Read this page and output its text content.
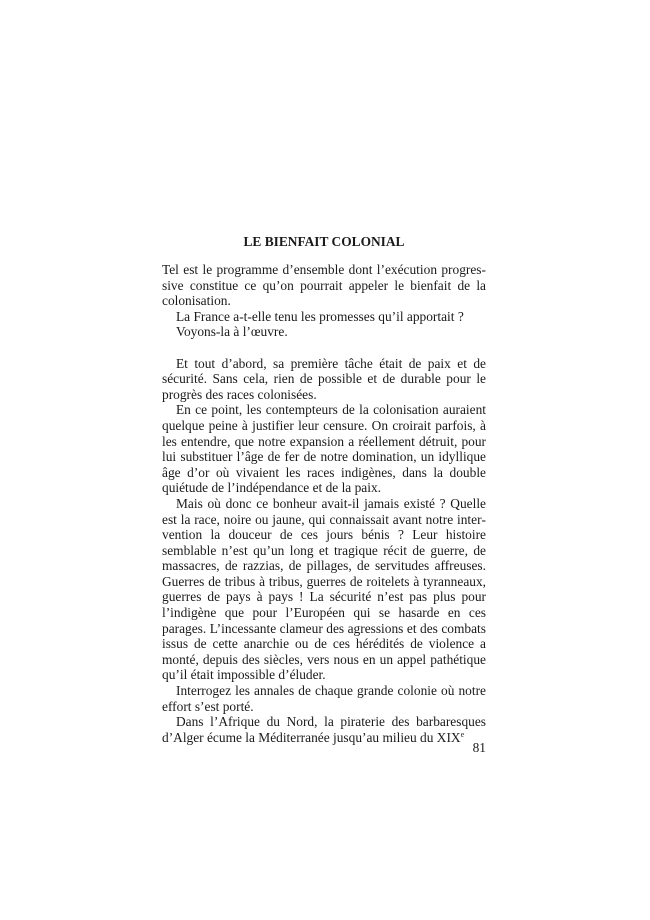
LE BIENFAIT COLONIAL

Tel est le programme d’ensemble dont l’exécution progressive constitue ce qu’on pourrait appeler le bienfait de la colonisation.

La France a-t-elle tenu les promesses qu’il apportait ?

Voyons-la à l’œuvre.

Et tout d’abord, sa première tâche était de paix et de sécurité. Sans cela, rien de possible et de durable pour le progrès des races colonisées.

En ce point, les contempteurs de la colonisation auraient quelque peine à justifier leur censure. On croirait parfois, à les entendre, que notre expansion a réellement détruit, pour lui substituer l’âge de fer de notre domination, un idyllique âge d’or où vivaient les races indigènes, dans la double quiétude de l’indépendance et de la paix.

Mais où donc ce bonheur avait-il jamais existé ? Quelle est la race, noire ou jaune, qui connaissait avant notre intervention la douceur de ces jours bénis ? Leur histoire semblable n’est qu’un long et tragique récit de guerre, de massacres, de razzias, de pillages, de servitudes affreuses. Guerres de tribus à tribus, guerres de roitelets à tyranneaux, guerres de pays à pays ! La sécurité n’est pas plus pour l’indigène que pour l’Européen qui se hasarde en ces parages. L’incessante clameur des agressions et des combats issus de cette anarchie ou de ces hérédités de violence a monté, depuis des siècles, vers nous en un appel pathétique qu’il était impossible d’éluder.

Interrogez les annales de chaque grande colonie où notre effort s’est porté.

Dans l’Afrique du Nord, la piraterie des barbaresques d’Alger écume la Méditerranée jusqu’au milieu du XIXe

81
